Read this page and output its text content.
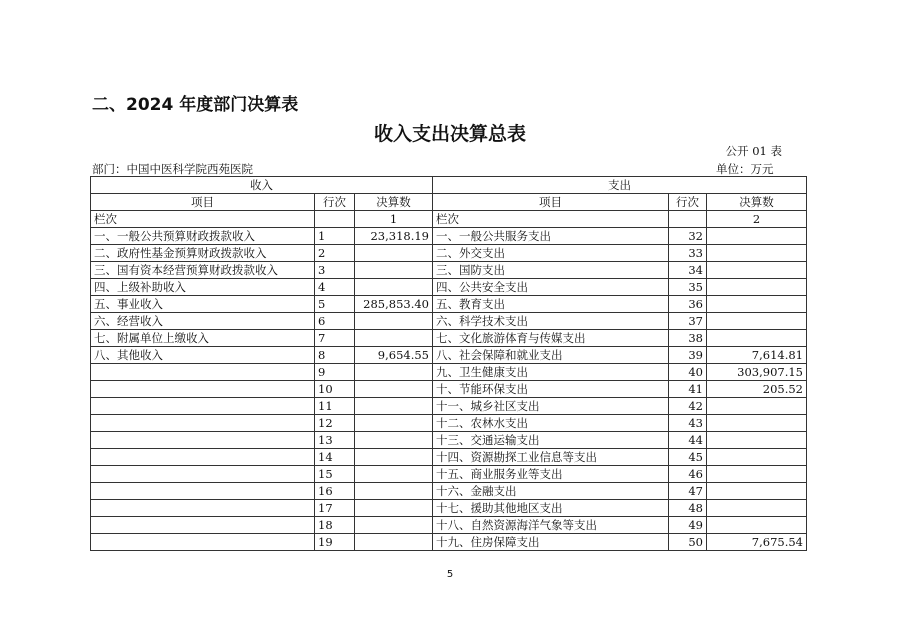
二、2024 年度部门决算表
收入支出决算总表
公开 01 表
部门：中国中医科学院西苑医院	单位：万元
收入			支出		
项目	行次	决算数	项目	行次	决算数
栏次		1	栏次		2
一、一般公共预算财政拨款收入	1	23,318.19	一、一般公共服务支出	32	
二、政府性基金预算财政拨款收入	2		二、外交支出	33	
三、国有资本经营预算财政拨款收入	3		三、国防支出	34	
四、上级补助收入	4		四、公共安全支出	35	
五、事业收入	5	285,853.40	五、教育支出	36	
六、经营收入	6		六、科学技术支出	37	
七、附属单位上缴收入	7		七、文化旅游体育与传媒支出	38	
八、其他收入	8	9,654.55	八、社会保障和就业支出	39	7,614.81
	9		九、卫生健康支出	40	303,907.15
	10		十、节能环保支出	41	205.52
	11		十一、城乡社区支出	42	
	12		十二、农林水支出	43	
	13		十三、交通运输支出	44	
	14		十四、资源勘探工业信息等支出	45	
	15		十五、商业服务业等支出	46	
	16		十六、金融支出	47	
	17		十七、援助其他地区支出	48	
	18		十八、自然资源海洋气象等支出	49	
	19		十九、住房保障支出	50	7,675.54
5
